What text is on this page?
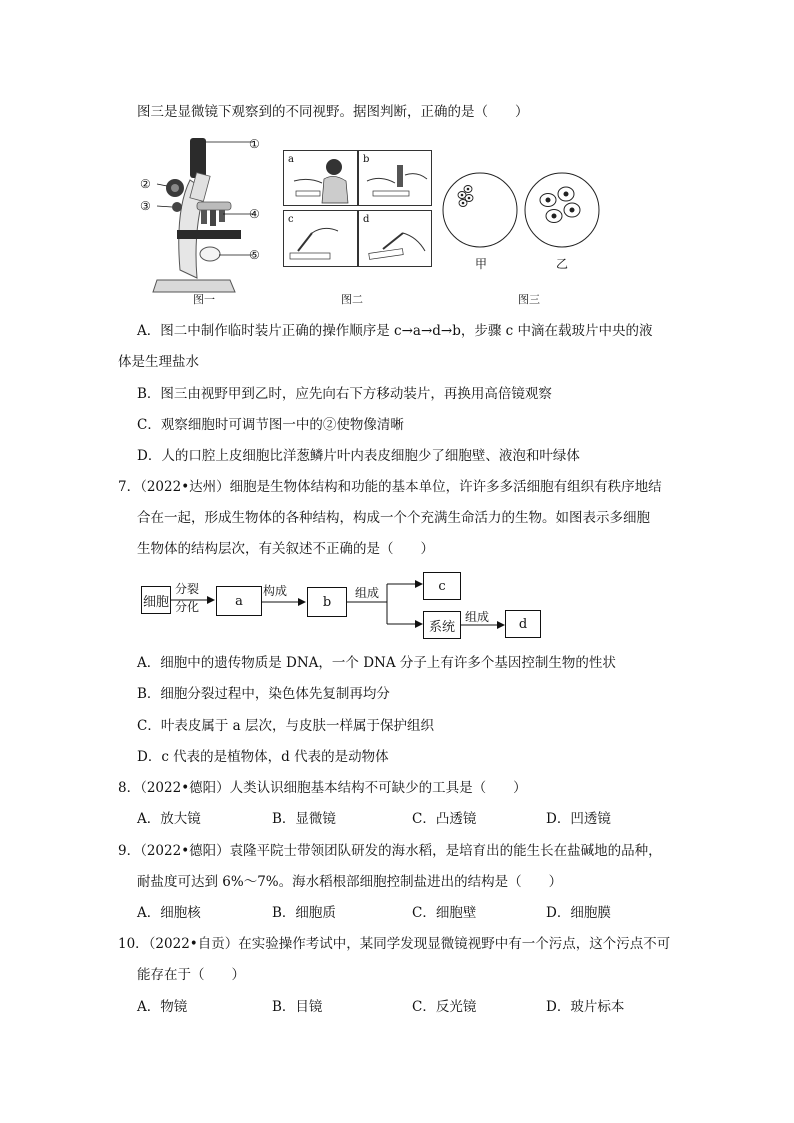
图三是显微镜下观察到的不同视野。据图判断，正确的是（　　）
①
②
③
④
⑤
图一
a	b
c	d
图二
甲	乙
图三
A．图二中制作临时装片正确的操作顺序是 c→a→d→b，步骤 c 中滴在载玻片中央的液
体是生理盐水
B．图三由视野甲到乙时，应先向右下方移动装片，再换用高倍镜观察
C．观察细胞时可调节图一中的②使物像清晰
D．人的口腔上皮细胞比洋葱鳞片叶内表皮细胞少了细胞壁、液泡和叶绿体
7．（2022•达州）细胞是生物体结构和功能的基本单位，许许多多活细胞有组织有秩序地结
合在一起，形成生物体的各种结构，构成一个个充满生命活力的生物。如图表示多细胞
生物体的结构层次，有关叙述不正确的是（　　）
细胞
分裂
分化	a
构成
b
组成	c
系统
组成	d
A．细胞中的遗传物质是 DNA，一个 DNA 分子上有许多个基因控制生物的性状
B．细胞分裂过程中，染色体先复制再均分
C．叶表皮属于 a 层次，与皮肤一样属于保护组织
D．c 代表的是植物体，d 代表的是动物体
8．（2022•德阳）人类认识细胞基本结构不可缺少的工具是（　　）
A．放大镜	B．显微镜	C．凸透镜	D．凹透镜
9．（2022•德阳）袁隆平院士带领团队研发的海水稻，是培育出的能生长在盐碱地的品种，
耐盐度可达到 6%～7%。海水稻根部细胞控制盐进出的结构是（　　）
A．细胞核	B．细胞质	C．细胞壁	D．细胞膜
10．（2022•自贡）在实验操作考试中，某同学发现显微镜视野中有一个污点，这个污点不可
能存在于（　　）
A．物镜	B．目镜	C．反光镜	D．玻片标本
